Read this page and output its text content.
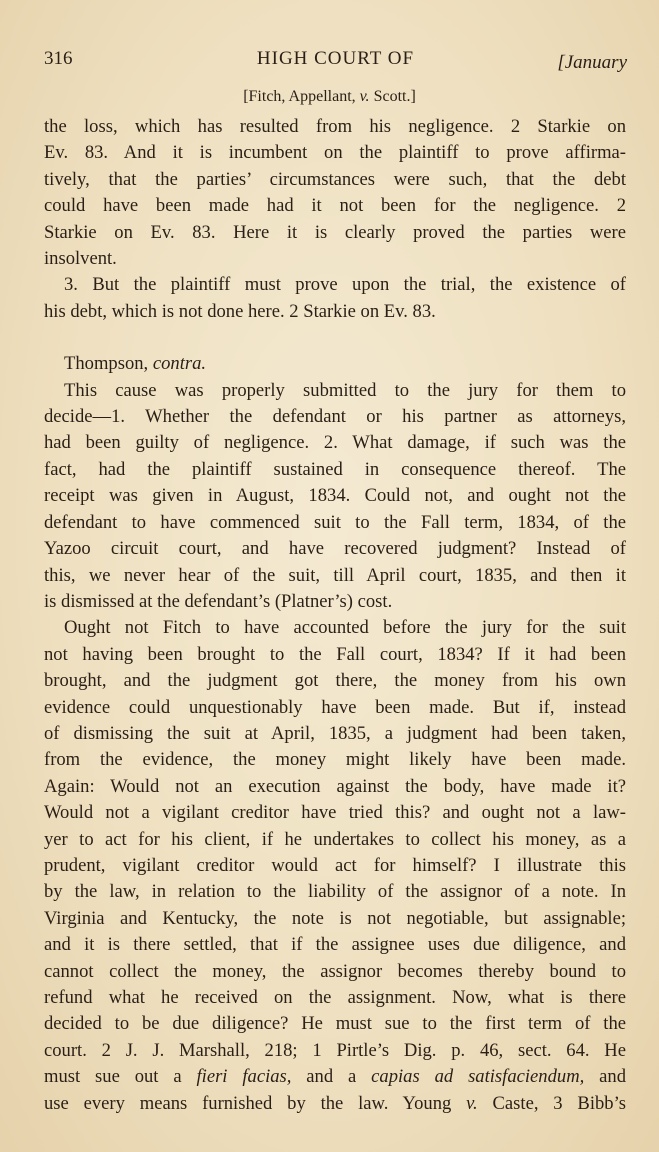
316	HIGH COURT OF	[January
[Fitch, Appellant, v. Scott.]

the loss, which has resulted from his negligence. 2 Starkie on
Ev. 83. And it is incumbent on the plaintiff to prove affirma-
tively, that the parties’ circumstances were such, that the debt
could have been made had it not been for the negligence. 2
Starkie on Ev. 83. Here it is clearly proved the parties were
insolvent.

3. But the plaintiff must prove upon the trial, the existence of
his debt, which is not done here. 2 Starkie on Ev. 83.

Thompson, contra.

This cause was properly submitted to the jury for them to
decide—1. Whether the defendant or his partner as attorneys,
had been guilty of negligence. 2. What damage, if such was the
fact, had the plaintiff sustained in consequence thereof. The
receipt was given in August, 1834. Could not, and ought not the
defendant to have commenced suit to the Fall term, 1834, of the
Yazoo circuit court, and have recovered judgment? Instead of
this, we never hear of the suit, till April court, 1835, and then it
is dismissed at the defendant’s (Platner’s) cost.

Ought not Fitch to have accounted before the jury for the suit
not having been brought to the Fall court, 1834? If it had been
brought, and the judgment got there, the money from his own
evidence could unquestionably have been made. But if, instead
of dismissing the suit at April, 1835, a judgment had been taken,
from the evidence, the money might likely have been made.
Again: Would not an execution against the body, have made it?
Would not a vigilant creditor have tried this? and ought not a law-
yer to act for his client, if he undertakes to collect his money, as a
prudent, vigilant creditor would act for himself? I illustrate this
by the law, in relation to the liability of the assignor of a note. In
Virginia and Kentucky, the note is not negotiable, but assignable;
and it is there settled, that if the assignee uses due diligence, and
cannot collect the money, the assignor becomes thereby bound to
refund what he received on the assignment. Now, what is there
decided to be due diligence? He must sue to the first term of the
court. 2 J. J. Marshall, 218; 1 Pirtle’s Dig. p. 46, sect. 64. He
must sue out a fieri facias, and a capias ad satisfaciendum, and
use every means furnished by the law. Young v. Caste, 3 Bibb’s
